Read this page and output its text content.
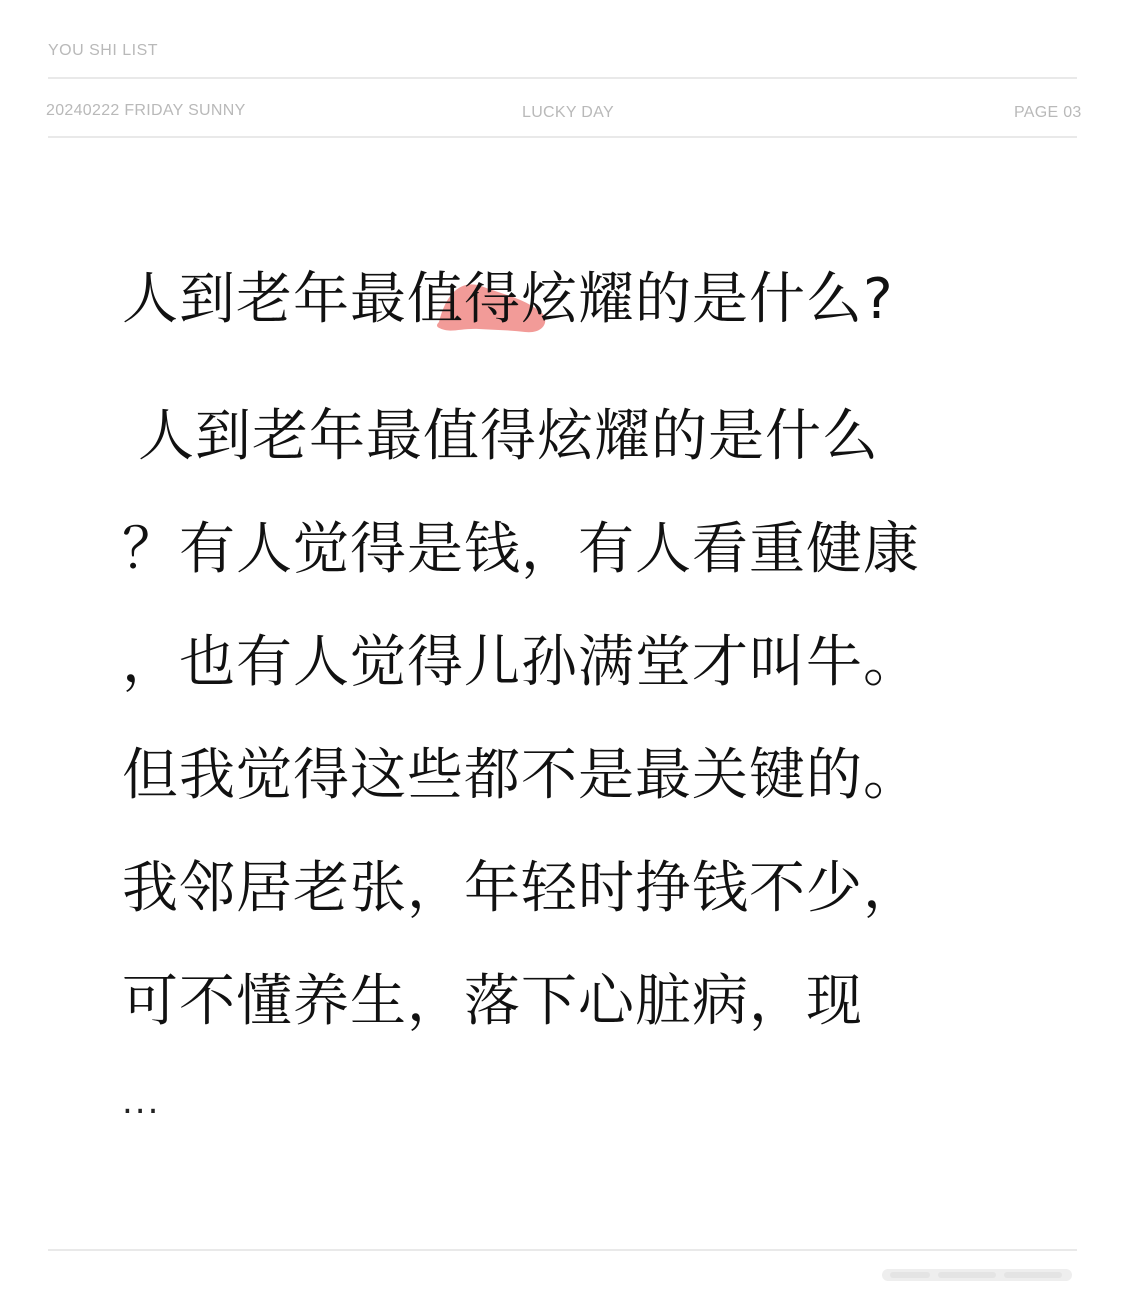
YOU SHI LIST
20240222 FRIDAY SUNNY	LUCKY DAY	PAGE 03
人到老年最值得炫耀的是什么?
人到老年最值得炫耀的是什么
？有人觉得是钱，有人看重健康
，也有人觉得儿孙满堂才叫牛。
但我觉得这些都不是最关键的。
我邻居老张，年轻时挣钱不少，
可不懂养生，落下心脏病，现
...
